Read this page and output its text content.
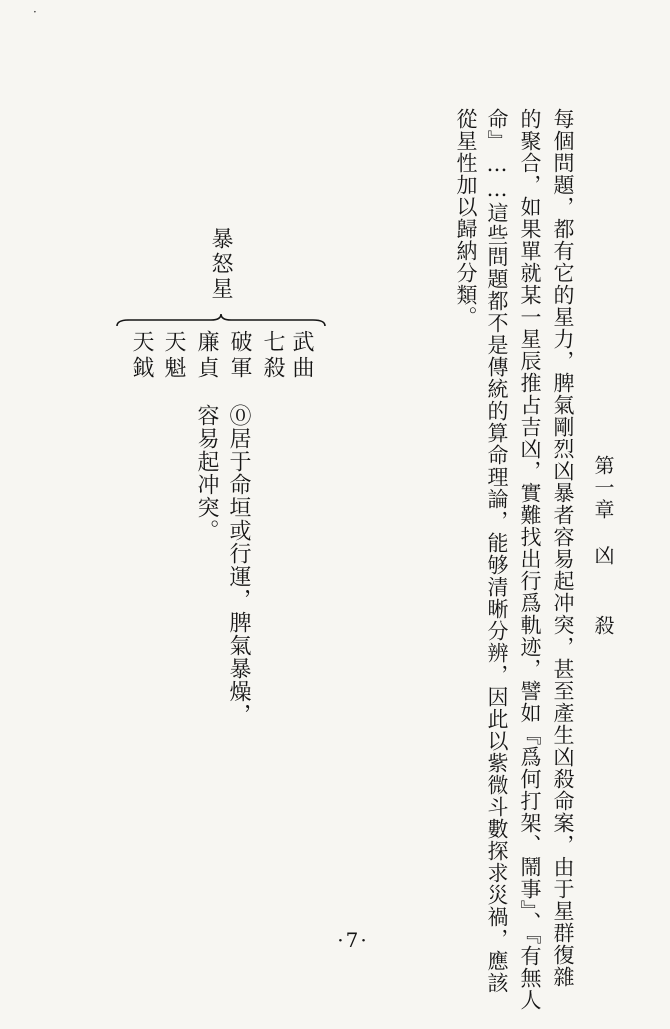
·
第一章凶殺
每個問題，都有它的星力，脾氣剛烈凶暴者容易起冲突，甚至產生凶殺命案，由于星群復雜
的聚合，如果單就某一星辰推占吉凶，實難找出行爲軌迹，譬如『爲何打架、鬧事』、『有無人
命』……這些問題都不是傳統的算命理論，能够清晰分辨，因此以紫微斗數探求災禍，應該
從星性加以歸納分類。
暴怒星
武曲
七殺
破軍
廉貞
天魁
天鉞
⓪居于命垣或行運，脾氣暴燥，
容易起冲突。
·7·
